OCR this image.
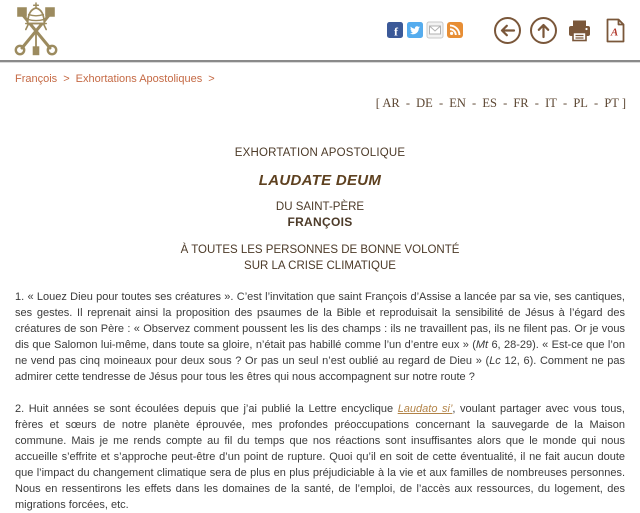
f	A
François > Exhortations Apostoliques >
[ AR - DE - EN - ES - FR - IT - PL - PT ]
EXHORTATION APOSTOLIQUE
LAUDATE DEUM
DU SAINT-PÈRE
FRANÇOIS
À TOUTES LES PERSONNES DE BONNE VOLONTÉ
SUR LA CRISE CLIMATIQUE

1. « Louez Dieu pour toutes ses créatures ». C’est l’invitation que saint François d’Assise a lancée par sa vie, ses cantiques, ses gestes. Il reprenait ainsi la proposition des psaumes de la Bible et reproduisait la sensibilité de Jésus à l’égard des créatures de son Père : « Observez comment poussent les lis des champs : ils ne travaillent pas, ils ne filent pas. Or je vous dis que Salomon lui-même, dans toute sa gloire, n’était pas habillé comme l’un d’entre eux » (Mt 6, 28-29). « Est-ce que l’on ne vend pas cinq moineaux pour deux sous ? Or pas un seul n’est oublié au regard de Dieu » (Lc 12, 6). Comment ne pas admirer cette tendresse de Jésus pour tous les êtres qui nous accompagnent sur notre route ?

2. Huit années se sont écoulées depuis que j’ai publié la Lettre encyclique Laudato si’, voulant partager avec vous tous, frères et sœurs de notre planète éprouvée, mes profondes préoccupations concernant la sauvegarde de la Maison commune. Mais je me rends compte au fil du temps que nos réactions sont insuffisantes alors que le monde qui nous accueille s’effrite et s’approche peut-être d’un point de rupture. Quoi qu’il en soit de cette éventualité, il ne fait aucun doute que l’impact du changement climatique sera de plus en plus préjudiciable à la vie et aux familles de nombreuses personnes. Nous en ressentirons les effets dans les domaines de la santé, de l’emploi, de l’accès aux ressources, du logement, des migrations forcées, etc.
